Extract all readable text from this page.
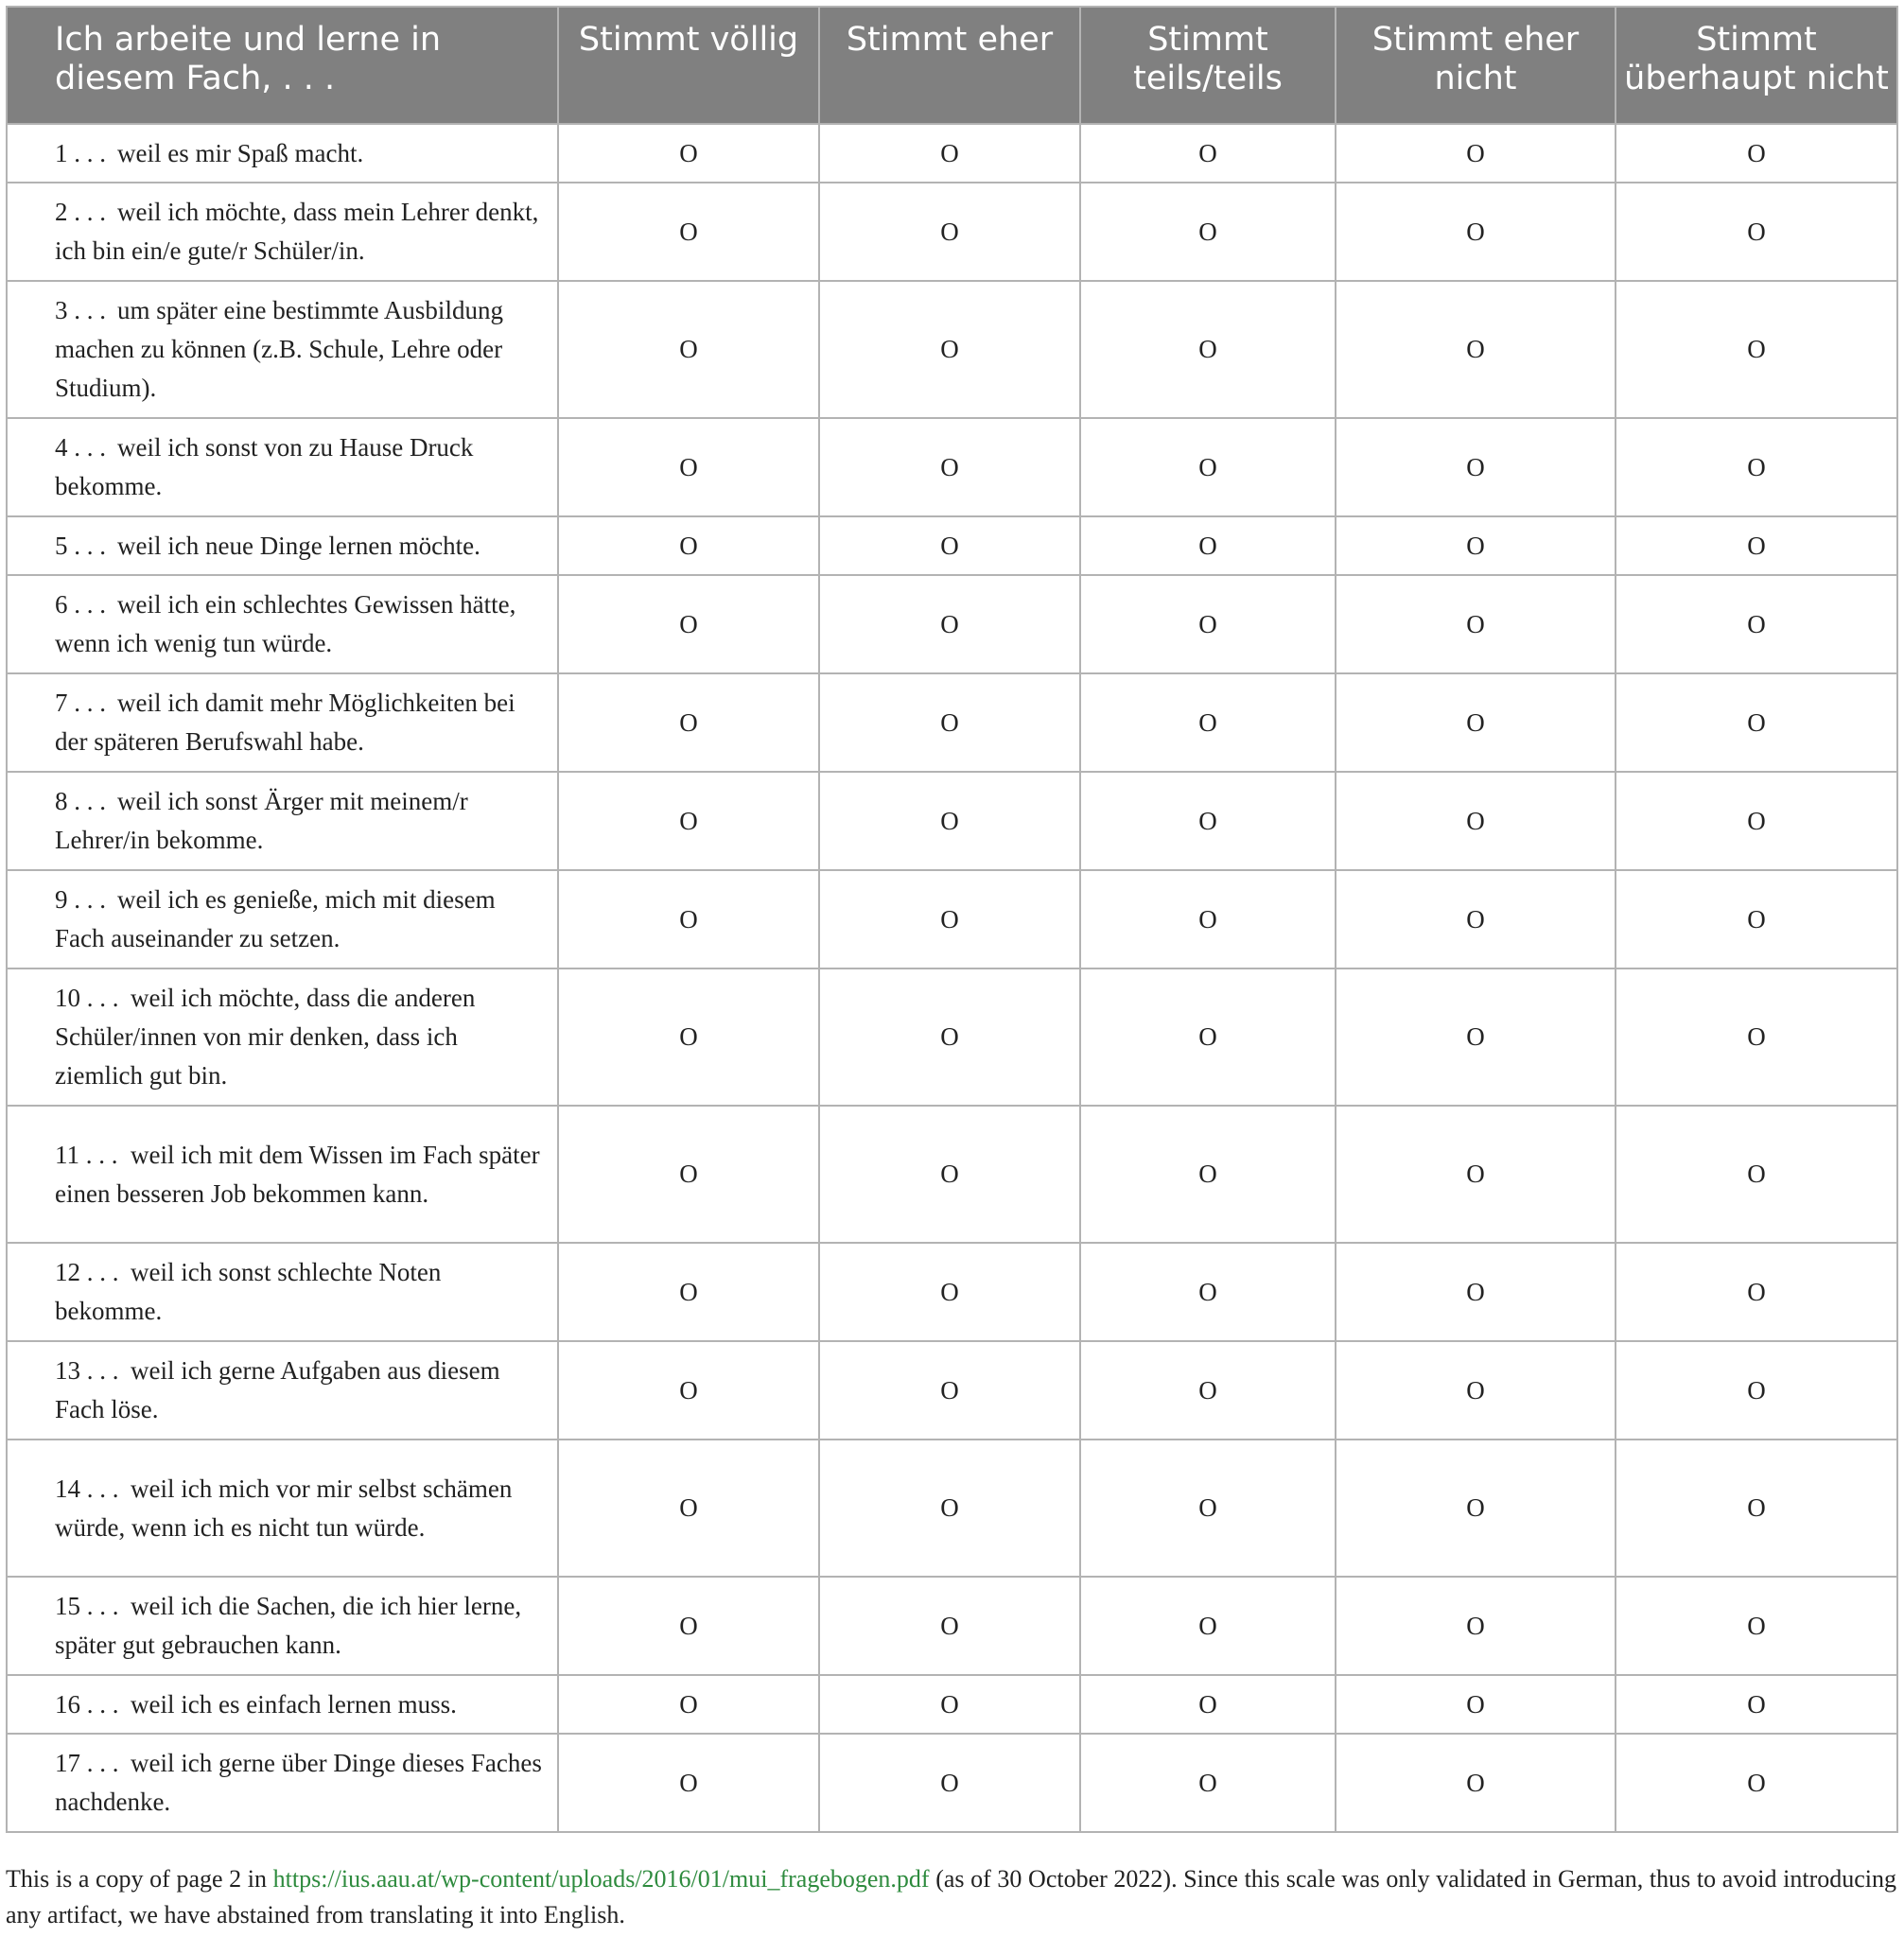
Ich arbeite und lerne in diesem Fach, . . .	Stimmt völlig	Stimmt eher	Stimmt teils/teils	Stimmt eher nicht	Stimmt überhaupt nicht
1 . . . weil es mir Spaß macht.	O	O	O	O	O
2 . . . weil ich möchte, dass mein Lehrer denkt, ich bin ein/e gute/r Schüler/in.	O	O	O	O	O
3 . . . um später eine bestimmte Ausbildung machen zu können (z.B. Schule, Lehre oder Studium).	O	O	O	O	O
4 . . . weil ich sonst von zu Hause Druck bekomme.	O	O	O	O	O
5 . . . weil ich neue Dinge lernen möchte.	O	O	O	O	O
6 . . . weil ich ein schlechtes Gewissen hätte, wenn ich wenig tun würde.	O	O	O	O	O
7 . . . weil ich damit mehr Möglichkeiten bei der späteren Berufswahl habe.	O	O	O	O	O
8 . . . weil ich sonst Ärger mit meinem/r Lehrer/in bekomme.	O	O	O	O	O
9 . . . weil ich es genieße, mich mit diesem Fach auseinander zu setzen.	O	O	O	O	O
10 . . . weil ich möchte, dass die anderen Schüler/innen von mir denken, dass ich ziemlich gut bin.	O	O	O	O	O
11 . . . weil ich mit dem Wissen im Fach später einen besseren Job bekommen kann.	O	O	O	O	O
12 . . . weil ich sonst schlechte Noten bekomme.	O	O	O	O	O
13 . . . weil ich gerne Aufgaben aus diesem Fach löse.	O	O	O	O	O
14 . . . weil ich mich vor mir selbst schämen würde, wenn ich es nicht tun würde.	O	O	O	O	O
15 . . . weil ich die Sachen, die ich hier lerne, später gut gebrauchen kann.	O	O	O	O	O
16 . . . weil ich es einfach lernen muss.	O	O	O	O	O
17 . . . weil ich gerne über Dinge dieses Faches nachdenke.	O	O	O	O	O
This is a copy of page 2 in https://ius.aau.at/wp-content/uploads/2016/01/mui_fragebogen.pdf (as of 30 October 2022). Since this scale was only validated in German, thus to avoid introducing any artifact, we have abstained from translating it into English.
